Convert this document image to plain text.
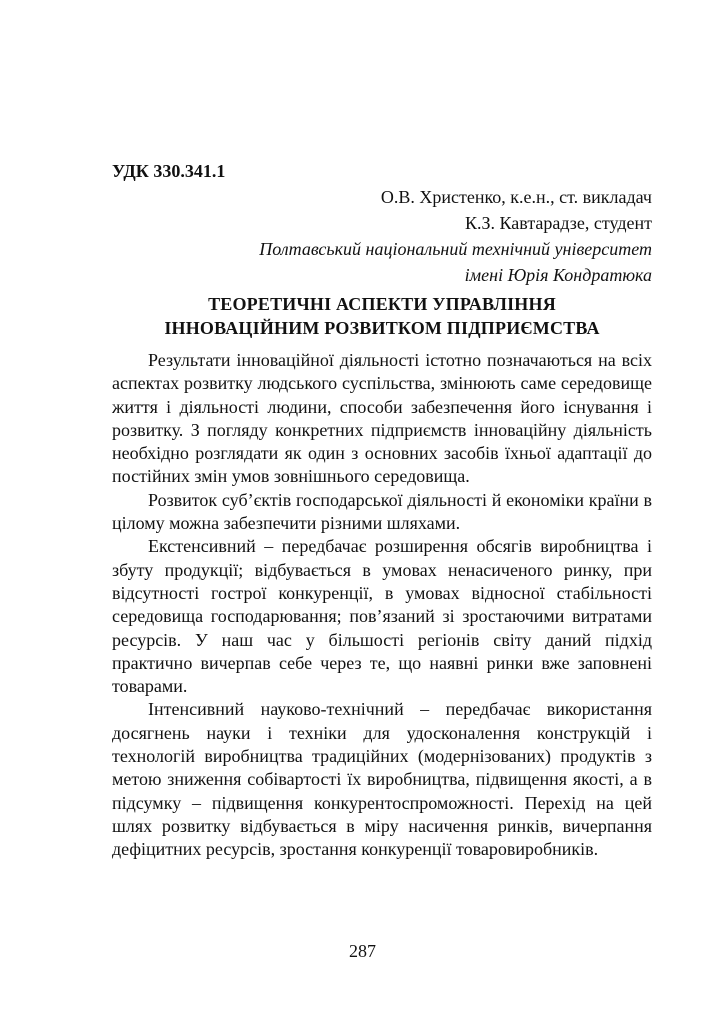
УДК 330.341.1
О.В. Христенко, к.е.н., ст. викладач
К.З. Кавтарадзе, студент
Полтавський національний технічний університет
імені Юрія Кондратюка
ТЕОРЕТИЧНІ АСПЕКТИ УПРАВЛІННЯ
ІННОВАЦІЙНИМ РОЗВИТКОМ ПІДПРИЄМСТВА

Результати інноваційної діяльності істотно позначаються на всіх аспектах розвитку людського суспільства, змінюють саме середовище життя і діяльності людини, способи забезпечення його існування і розвитку. З погляду конкретних підприємств інноваційну діяльність необхідно розглядати як один з основних засобів їхньої адаптації до постійних змін умов зовнішнього середовища.

Розвиток суб’єктів господарської діяльності й економіки країни в цілому можна забезпечити різними шляхами.

Екстенсивний – передбачає розширення обсягів виробництва і збуту продукції; відбувається в умовах ненасиченого ринку, при відсутності гострої конкуренції, в умовах відносної стабільності середовища господарювання; пов’язаний зі зростаючими витратами ресурсів. У наш час у більшості регіонів світу даний підхід практично вичерпав себе через те, що наявні ринки вже заповнені товарами.

Інтенсивний науково-технічний – передбачає використання досягнень науки і техніки для удосконалення конструкцій і технологій виробництва традиційних (модернізованих) продуктів з метою зниження собівартості їх виробництва, підвищення якості, а в підсумку – підвищення конкурентоспроможності. Перехід на цей шлях розвитку відбувається в міру насичення ринків, вичерпання дефіцитних ресурсів, зростання конкуренції товаровиробників.

287
